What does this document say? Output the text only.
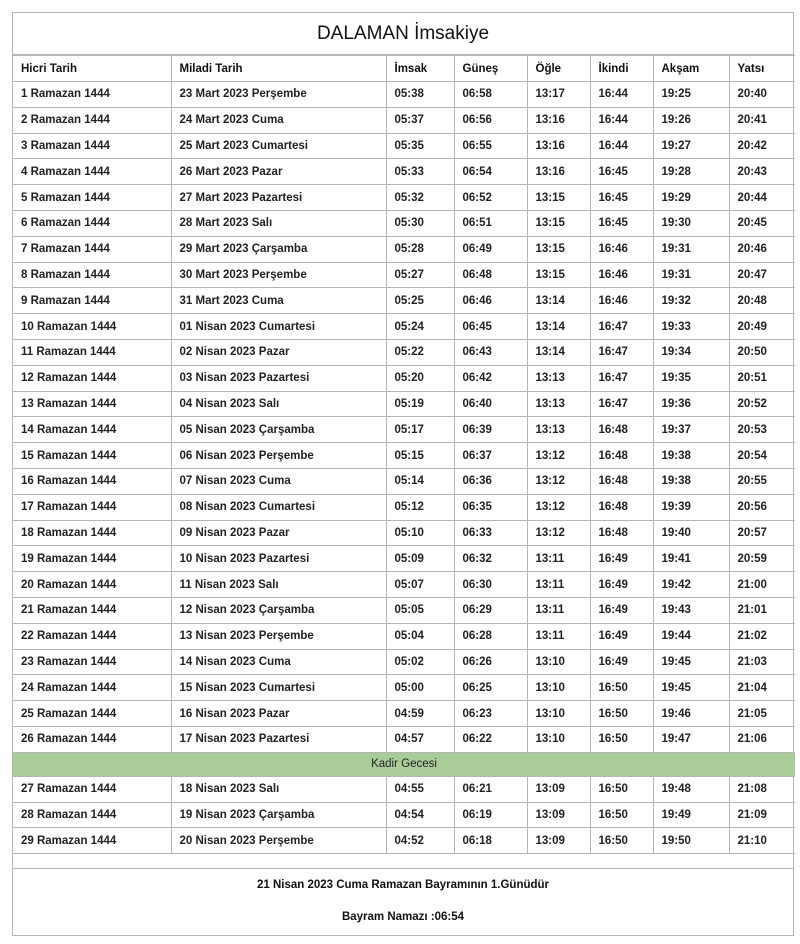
DALAMAN İmsakiye
Hicri Tarih	Miladi Tarih	İmsak	Güneş	Öğle	İkindi	Akşam	Yatsı
1 Ramazan 1444	23 Mart 2023 Perşembe	05:38	06:58	13:17	16:44	19:25	20:40
2 Ramazan 1444	24 Mart 2023 Cuma	05:37	06:56	13:16	16:44	19:26	20:41
3 Ramazan 1444	25 Mart 2023 Cumartesi	05:35	06:55	13:16	16:44	19:27	20:42
4 Ramazan 1444	26 Mart 2023 Pazar	05:33	06:54	13:16	16:45	19:28	20:43
5 Ramazan 1444	27 Mart 2023 Pazartesi	05:32	06:52	13:15	16:45	19:29	20:44
6 Ramazan 1444	28 Mart 2023 Salı	05:30	06:51	13:15	16:45	19:30	20:45
7 Ramazan 1444	29 Mart 2023 Çarşamba	05:28	06:49	13:15	16:46	19:31	20:46
8 Ramazan 1444	30 Mart 2023 Perşembe	05:27	06:48	13:15	16:46	19:31	20:47
9 Ramazan 1444	31 Mart 2023 Cuma	05:25	06:46	13:14	16:46	19:32	20:48
10 Ramazan 1444	01 Nisan 2023 Cumartesi	05:24	06:45	13:14	16:47	19:33	20:49
11 Ramazan 1444	02 Nisan 2023 Pazar	05:22	06:43	13:14	16:47	19:34	20:50
12 Ramazan 1444	03 Nisan 2023 Pazartesi	05:20	06:42	13:13	16:47	19:35	20:51
13 Ramazan 1444	04 Nisan 2023 Salı	05:19	06:40	13:13	16:47	19:36	20:52
14 Ramazan 1444	05 Nisan 2023 Çarşamba	05:17	06:39	13:13	16:48	19:37	20:53
15 Ramazan 1444	06 Nisan 2023 Perşembe	05:15	06:37	13:12	16:48	19:38	20:54
16 Ramazan 1444	07 Nisan 2023 Cuma	05:14	06:36	13:12	16:48	19:38	20:55
17 Ramazan 1444	08 Nisan 2023 Cumartesi	05:12	06:35	13:12	16:48	19:39	20:56
18 Ramazan 1444	09 Nisan 2023 Pazar	05:10	06:33	13:12	16:48	19:40	20:57
19 Ramazan 1444	10 Nisan 2023 Pazartesi	05:09	06:32	13:11	16:49	19:41	20:59
20 Ramazan 1444	11 Nisan 2023 Salı	05:07	06:30	13:11	16:49	19:42	21:00
21 Ramazan 1444	12 Nisan 2023 Çarşamba	05:05	06:29	13:11	16:49	19:43	21:01
22 Ramazan 1444	13 Nisan 2023 Perşembe	05:04	06:28	13:11	16:49	19:44	21:02
23 Ramazan 1444	14 Nisan 2023 Cuma	05:02	06:26	13:10	16:49	19:45	21:03
24 Ramazan 1444	15 Nisan 2023 Cumartesi	05:00	06:25	13:10	16:50	19:45	21:04
25 Ramazan 1444	16 Nisan 2023 Pazar	04:59	06:23	13:10	16:50	19:46	21:05
26 Ramazan 1444	17 Nisan 2023 Pazartesi	04:57	06:22	13:10	16:50	19:47	21:06
Kadir Gecesi							
27 Ramazan 1444	18 Nisan 2023 Salı	04:55	06:21	13:09	16:50	19:48	21:08
28 Ramazan 1444	19 Nisan 2023 Çarşamba	04:54	06:19	13:09	16:50	19:49	21:09
29 Ramazan 1444	20 Nisan 2023 Perşembe	04:52	06:18	13:09	16:50	19:50	21:10
21 Nisan 2023 Cuma Ramazan Bayramının 1.Günüdür
Bayram Namazı :06:54
